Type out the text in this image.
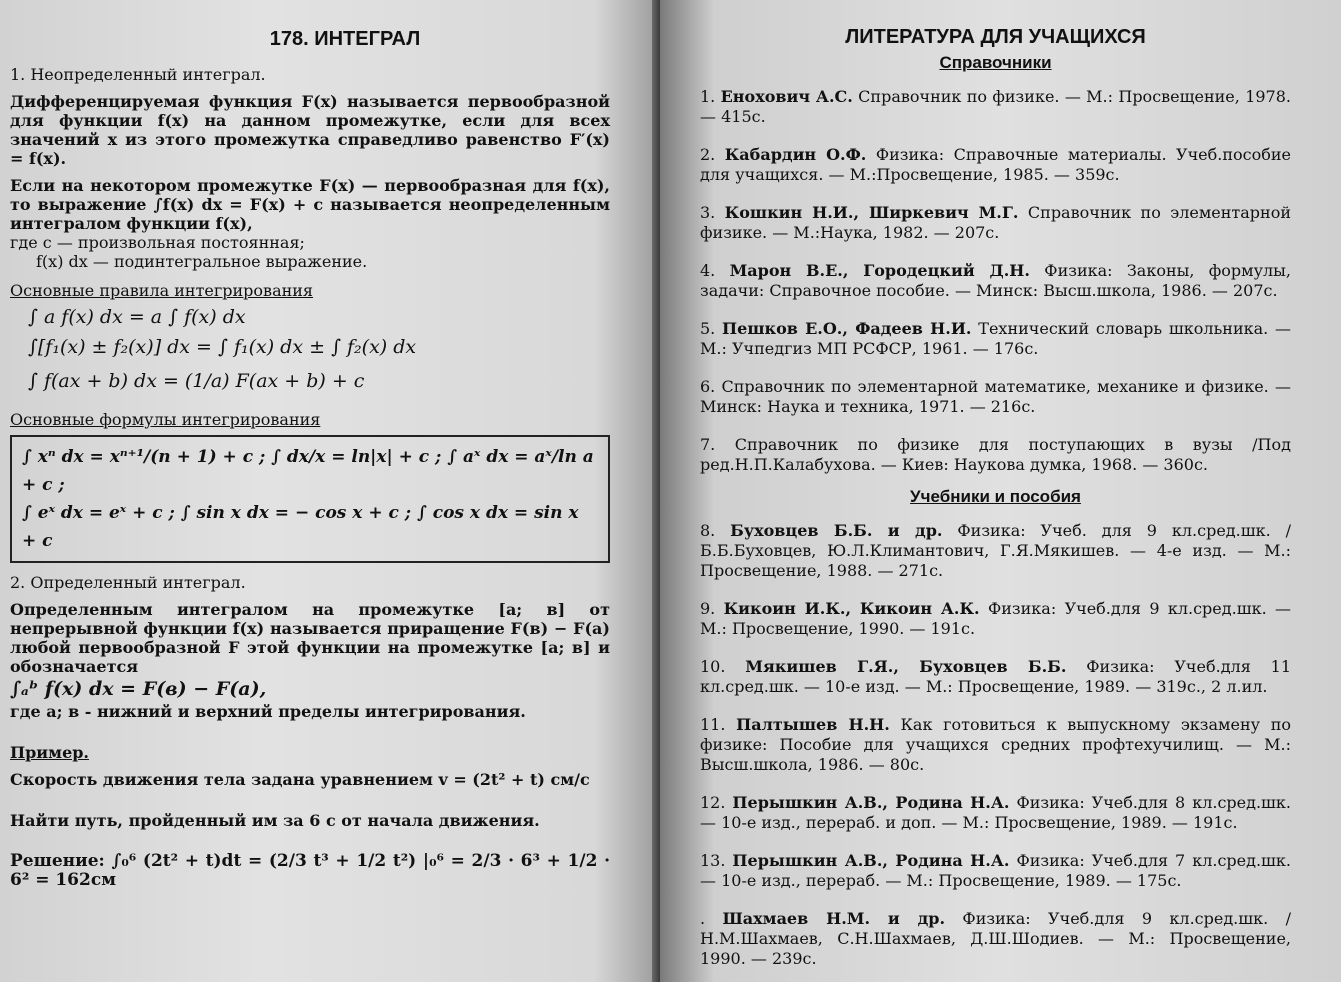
178. ИНТЕГРАЛ

1. Неопределенный интеграл.

Дифференцируемая функция F(x) называется первообразной для функции f(x) на данном промежутке, если для всех значений x из этого промежутка справедливо равенство F′(x) = f(x).

Если на некотором промежутке F(x) — первообразная для f(x), то выражение ∫f(x) dx = F(x) + c называется неопределенным интегралом функции f(x),

где c — произвольная постоянная;

f(x) dx — подинтегральное выражение.

Основные правила интегрирования
∫ a f(x) dx = a ∫ f(x) dx
∫[f₁(x) ± f₂(x)] dx = ∫ f₁(x) dx ± ∫ f₂(x) dx
∫ f(ax + b) dx = (1/a) F(ax + b) + c
Основные формулы интегрирования
∫ xⁿ dx = xⁿ⁺¹/(n + 1) + c ; ∫ dx/x = ln|x| + c ; ∫ aˣ dx = aˣ/ln a + c ;
∫ eˣ dx = eˣ + c ; ∫ sin x dx = − cos x + c ; ∫ cos x dx = sin x + c

2. Определенный интеграл.

Определенным интегралом на промежутке [a; в] от непрерывной функции f(x) называется приращение F(в) − F(a) любой первообразной F этой функции на промежутке [a; в] и обозначается

∫ₐᵇ f(x) dx = F(в) − F(a),

где a; в - нижний и верхний пределы интегрирования.

Пример.

Скорость движения тела задана уравнением v = (2t² + t) см/с

Найти путь, пройденный им за 6 с от начала движения.

Решение: ∫₀⁶ (2t² + t)dt = (2/3 t³ + 1/2 t²) |₀⁶ = 2/3 · 6³ + 1/2 · 6² = 162см

ЛИТЕРАТУРА ДЛЯ УЧАЩИХСЯ
Справочники
1. Еноxович А.С. Справочник по физике. — М.: Просвещение, 1978. — 415с.
2. Кабардин О.Ф. Физика: Справочные материалы. Учеб.пособие для учащихся. — М.:Просвещение, 1985. — 359с.
3. Кошкин Н.И., Ширкевич М.Г. Справочник по элементарной физике. — М.:Наука, 1982. — 207с.
4. Марон В.Е., Городецкий Д.Н. Физика: Законы, формулы, задачи: Справочное пособие. — Минск: Высш.школа, 1986. — 207с.
5. Пешков Е.О., Фадеев Н.И. Технический словарь школьника. — М.: Учпедгиз МП РСФСР, 1961. — 176с.
6. Справочник по элементарной математике, механике и физике. — Минск: Наука и техника, 1971. — 216с.
7. Справочник по физике для поступающих в вузы /Под ред.Н.П.Калабухова. — Киев: Наукова думка, 1968. — 360с.
Учебники и пособия
8. Буховцев Б.Б. и др. Физика: Учеб. для 9 кл.сред.шк. /Б.Б.Буховцев, Ю.Л.Климантович, Г.Я.Мякишев. — 4-е изд. — М.: Просвещение, 1988. — 271с.
9. Кикоин И.К., Кикоин А.К. Физика: Учеб.для 9 кл.сред.шк. — М.: Просвещение, 1990. — 191с.
10. Мякишев Г.Я., Буховцев Б.Б. Физика: Учеб.для 11 кл.сред.шк. — 10-е изд. — М.: Просвещение, 1989. — 319с., 2 л.ил.
11. Палтышев Н.Н. Как готовиться к выпускному экзамену по физике: Пособие для учащихся средних профтехучилищ. — М.: Высш.школа, 1986. — 80с.
12. Перышкин А.В., Родина Н.А. Физика: Учеб.для 8 кл.сред.шк. — 10-е изд., переpаб. и доп. — М.: Просвещение, 1989. — 191с.
13. Перышкин А.В., Родина Н.А. Физика: Учеб.для 7 кл.сред.шк. — 10-е изд., переpаб. — М.: Просвещение, 1989. — 175с.
. Шахмаев Н.М. и др. Физика: Учеб.для 9 кл.сред.шк. /Н.М.Шахмаев, С.Н.Шахмаев, Д.Ш.Шодиев. — М.: Просвещение, 1990. — 239с.
